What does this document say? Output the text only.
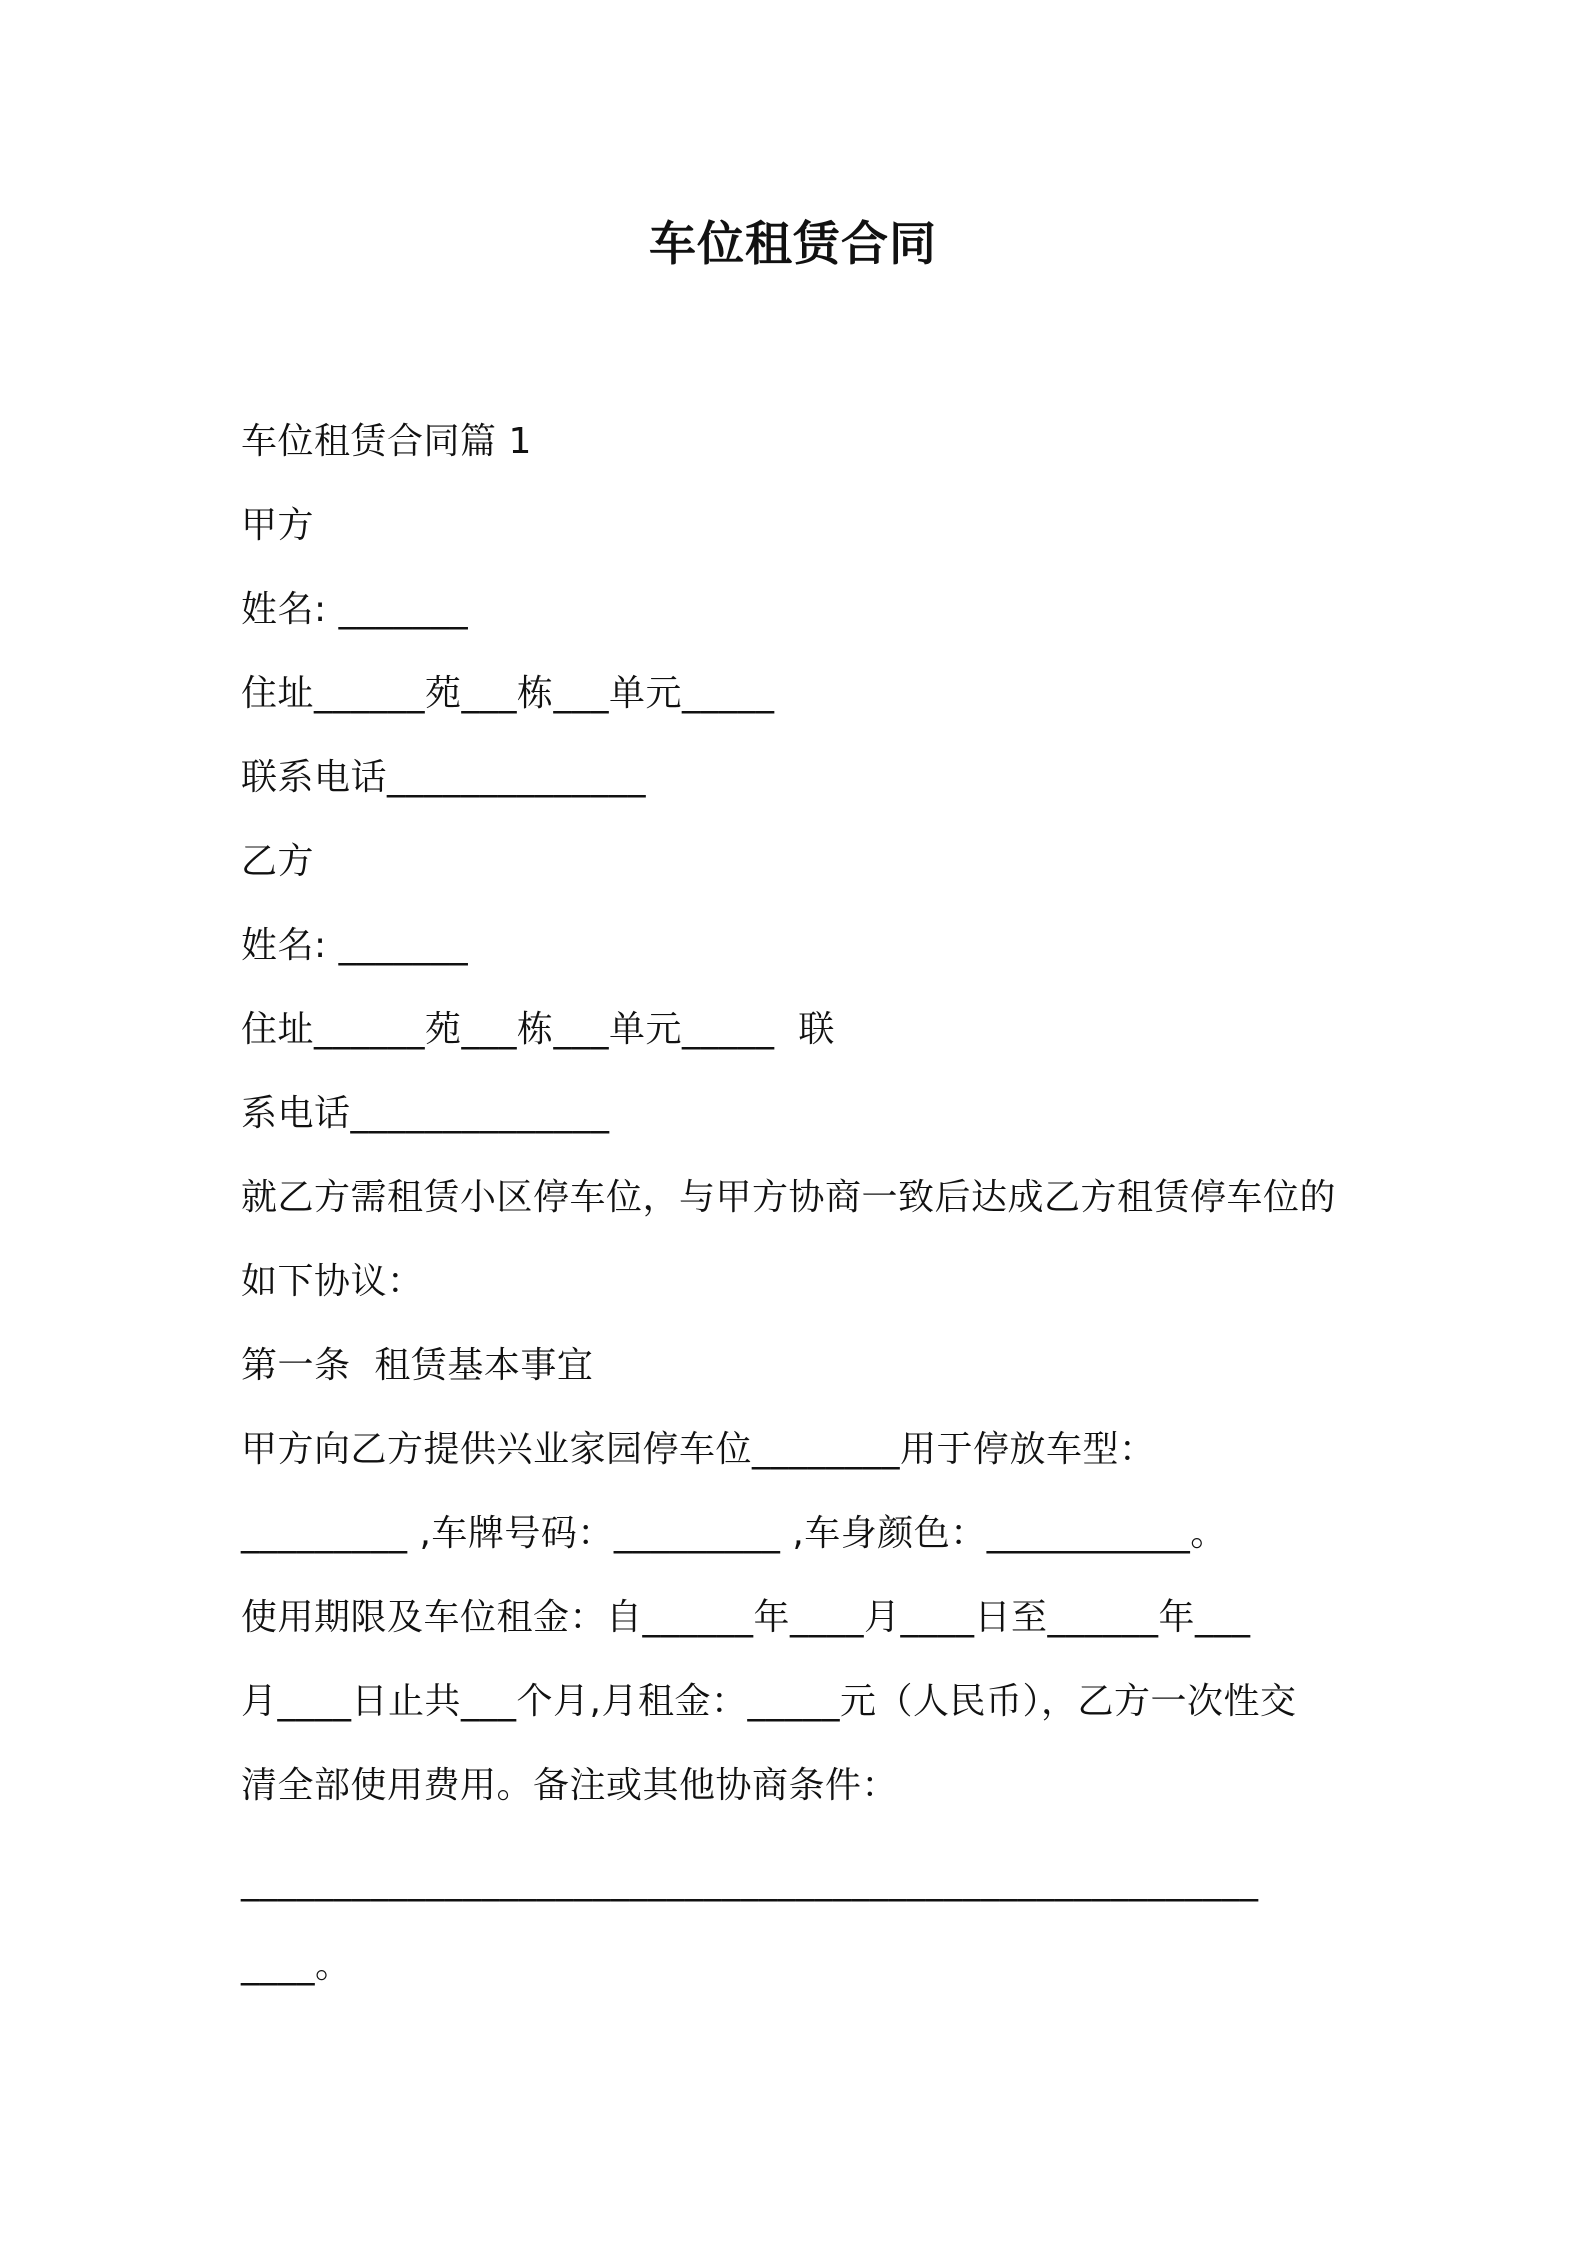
车位租赁合同
车位租赁合同篇 1
甲方
姓名: _______
住址______苑___栋___单元_____
联系电话______________
乙方
姓名: _______
住址______苑___栋___单元_____  联
系电话______________
就乙方需租赁小区停车位，与甲方协商一致后达成乙方租赁停车位的
如下协议：
第一条  租赁基本事宜
甲方向乙方提供兴业家园停车位________用于停放车型：
_________ ,车牌号码：_________ ,车身颜色：___________。
使用期限及车位租金：自______年____月____日至______年___
月____日止共___个月,月租金：_____元（人民币），乙方一次性交
清全部使用费用。备注或其他协商条件：
_______________________________________________________
____。
